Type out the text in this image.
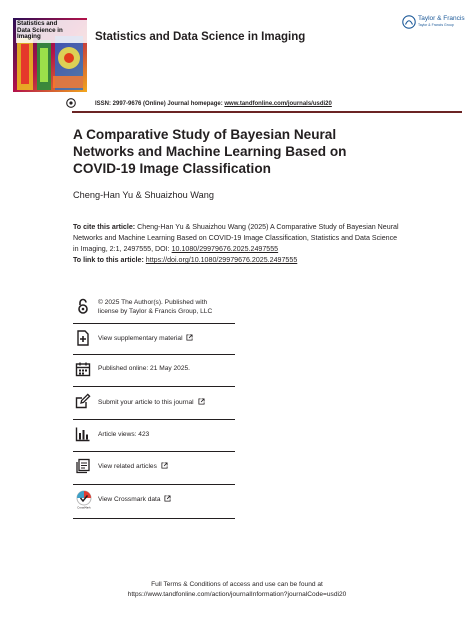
Statistics and
Data Science in Imaging	Statistics and Data Science in Imaging
Taylor & Francis
Taylor & Francis Group
ISSN: 2997-9676 (Online) Journal homepage: www.tandfonline.com/journals/usdi20
A Comparative Study of Bayesian Neural Networks and Machine Learning Based on COVID-19 Image Classification
Cheng-Han Yu & Shuaizhou Wang
To cite this article: Cheng-Han Yu & Shuaizhou Wang (2025) A Comparative Study of Bayesian Neural Networks and Machine Learning Based on COVID-19 Image Classification, Statistics and Data Science in Imaging, 2:1, 2497555, DOI: 10.1080/29979676.2025.2497555
To link to this article: https://doi.org/10.1080/29979676.2025.2497555
© 2025 The Author(s). Published with
license by Taylor & Francis Group, LLC
View supplementary material
Published online: 21 May 2025.
Submit your article to this journal
Article views: 423
View related articles
CrossMark
View Crossmark data
Full Terms & Conditions of access and use can be found at
https://www.tandfonline.com/action/journalInformation?journalCode=usdi20
